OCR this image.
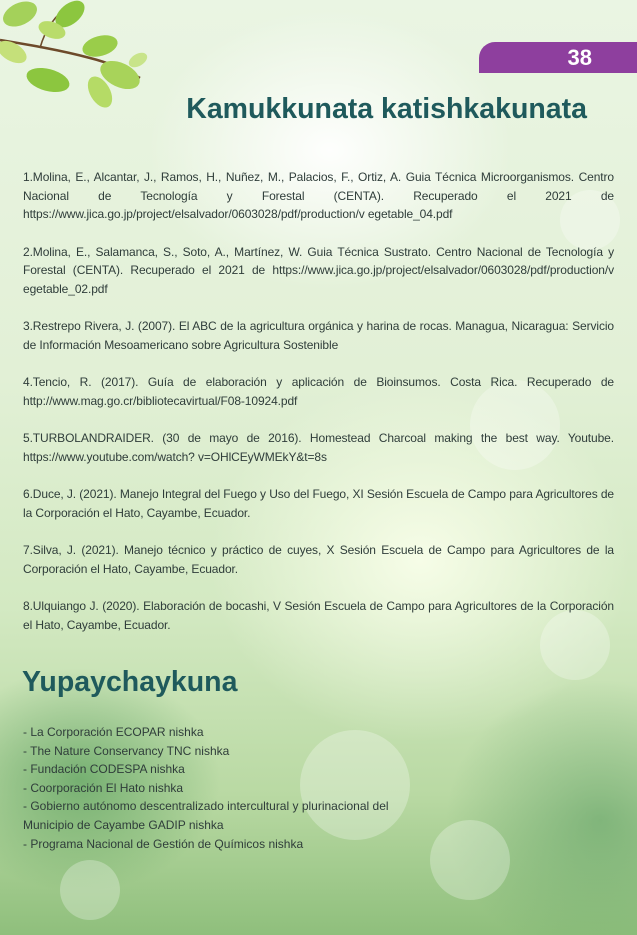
38
Kamukkunata katishkakunata

1.Molina, E., Alcantar, J., Ramos, H., Nuñez, M., Palacios, F., Ortiz, A. Guia Técnica Microorganismos. Centro Nacional de Tecnología y Forestal (CENTA). Recuperado el 2021 de https://www.jica.go.jp/project/elsalvador/0603028/pdf/production/v egetable_04.pdf

2.Molina, E., Salamanca, S., Soto, A., Martínez, W. Guia Técnica Sustrato. Centro Nacional de Tecnología y Forestal (CENTA). Recuperado el 2021 de https://www.jica.go.jp/project/elsalvador/0603028/pdf/production/v egetable_02.pdf

3.Restrepo Rivera, J. (2007). El ABC de la agricultura orgánica y harina de rocas. Managua, Nicaragua: Servicio de Información Mesoamericano sobre Agricultura Sostenible

4.Tencio, R. (2017). Guía de elaboración y aplicación de Bioinsumos. Costa Rica. Recuperado de http://www.mag.go.cr/bibliotecavirtual/F08-10924.pdf

5.TURBOLANDRAIDER. (30 de mayo de 2016). Homestead Charcoal making the best way. Youtube. https://www.youtube.com/watch? v=OHlCEyWMEkY&t=8s

6.Duce, J. (2021). Manejo Integral del Fuego y Uso del Fuego, XI Sesión Escuela de Campo para Agricultores de la Corporación el Hato, Cayambe, Ecuador.

7.Silva, J. (2021). Manejo técnico y práctico de cuyes, X Sesión Escuela de Campo para Agricultores de la Corporación el Hato, Cayambe, Ecuador.

8.Ulquiango J. (2020). Elaboración de bocashi, V Sesión Escuela de Campo para Agricultores de la Corporación el Hato, Cayambe, Ecuador.

Yupaychaykuna
- La Corporación ECOPAR nishka
- The Nature Conservancy TNC nishka
- Fundación CODESPA nishka
- Coorporación El Hato nishka
- Gobierno autónomo descentralizado intercultural y plurinacional del
Municipio de Cayambe GADIP nishka
- Programa Nacional de Gestión de Químicos nishka
